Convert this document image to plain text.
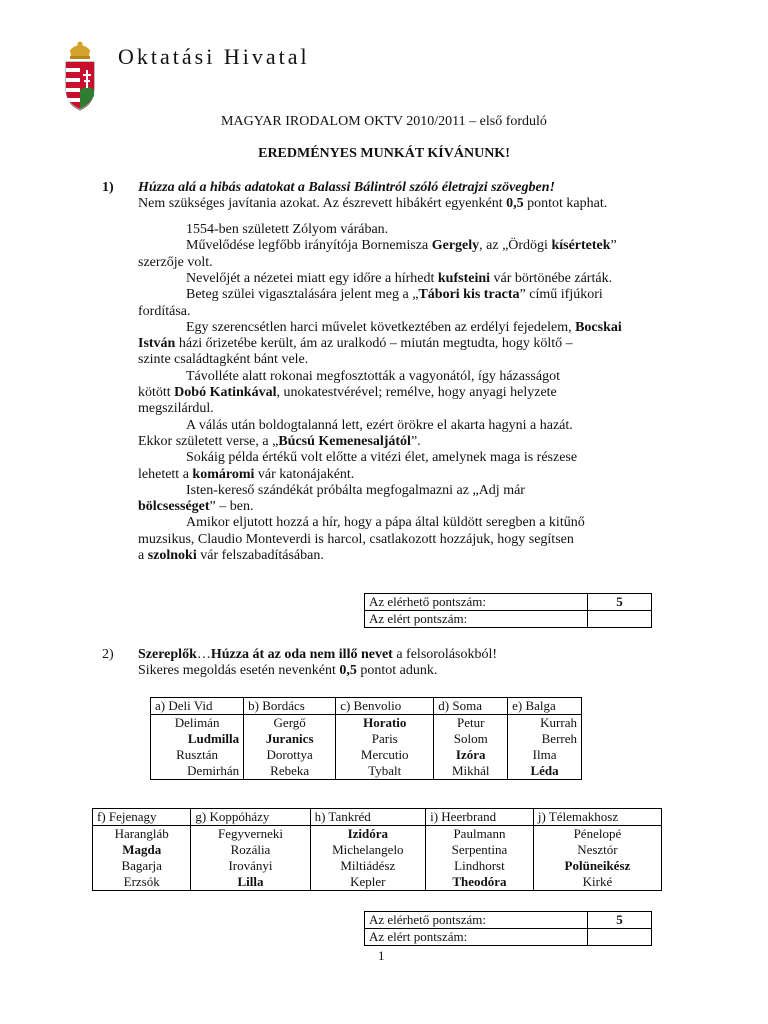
Oktatási Hivatal
MAGYAR IRODALOM OKTV 2010/2011 – első forduló
EREDMÉNYES MUNKÁT KÍVÁNUNK!
1) Húzza alá a hibás adatokat a Balassi Bálintról szóló életrajzi szövegben!
Nem szükséges javítania azokat. Az észrevett hibákért egyenként 0,5 pontot kaphat.
1554-ben született Zólyom várában.
Művelődése legfőbb irányítója Bornemisza Gergely, az „Ördögi kísértetek”
szerzője volt.
Nevelőjét a nézetei miatt egy időre a hírhedt kufsteini vár börtönébe zárták.
Beteg szülei vigasztalására jelent meg a „Tábori kis tracta” című ifjúkori
fordítása.
Egy szerencsétlen harci művelet következtében az erdélyi fejedelem, Bocskai
István házi őrizetébe került, ám az uralkodó – miután megtudta, hogy költő –
szinte családtagként bánt vele.
Távolléte alatt rokonai megfosztották a vagyonától, így házasságot
kötött Dobó Katinkával, unokatestvérével; remélve, hogy anyagi helyzete
megszilárdul.
A válás után boldogtalanná lett, ezért örökre el akarta hagyni a hazát.
Ekkor született verse, a „Búcsú Kemenesaljától”.
Sokáig példa értékű volt előtte a vitézi élet, amelynek maga is részese
lehetett a komáromi vár katonájaként.
Isten-kereső szándékát próbálta megfogalmazni az „Adj már
bölcsességet” – ben.
Amikor eljutott hozzá a hír, hogy a pápa által küldött seregben a kitűnő
muzsikus, Claudio Monteverdi is harcol, csatlakozott hozzájuk, hogy segítsen
a szolnoki vár felszabadításában.
Az elérhető pontszám:	5
Az elért pontszám:	
2) Szereplők…Húzza át az oda nem illő nevet a felsorolásokból!
Sikeres megoldás esetén nevenként 0,5 pontot adunk.
a) Deli Vid	b) Bordács	c) Benvolio	d) Soma	e) Balga
Delimán	Gergő	Horatio	Petur	Kurrah
Ludmilla	Juranics	Paris	Solom	Berreh
Rusztán	Dorottya	Mercutio	Izóra	Ilma
Demirhán	Rebeka	Tybalt	Mikhál	Léda
f) Fejenagy	g) Koppóházy	h) Tankréd	i) Heerbrand	j) Télemakhosz
Harangláb	Fegyverneki	Izidóra	Paulmann	Pénelopé
Magda	Rozália	Michelangelo	Serpentina	Nesztór
Bagarja	Iroványi	Miltiádész	Lindhorst	Polüneikész
Erzsók	Lilla	Kepler	Theodóra	Kirké
Az elérhető pontszám:	5
Az elért pontszám:	
1
